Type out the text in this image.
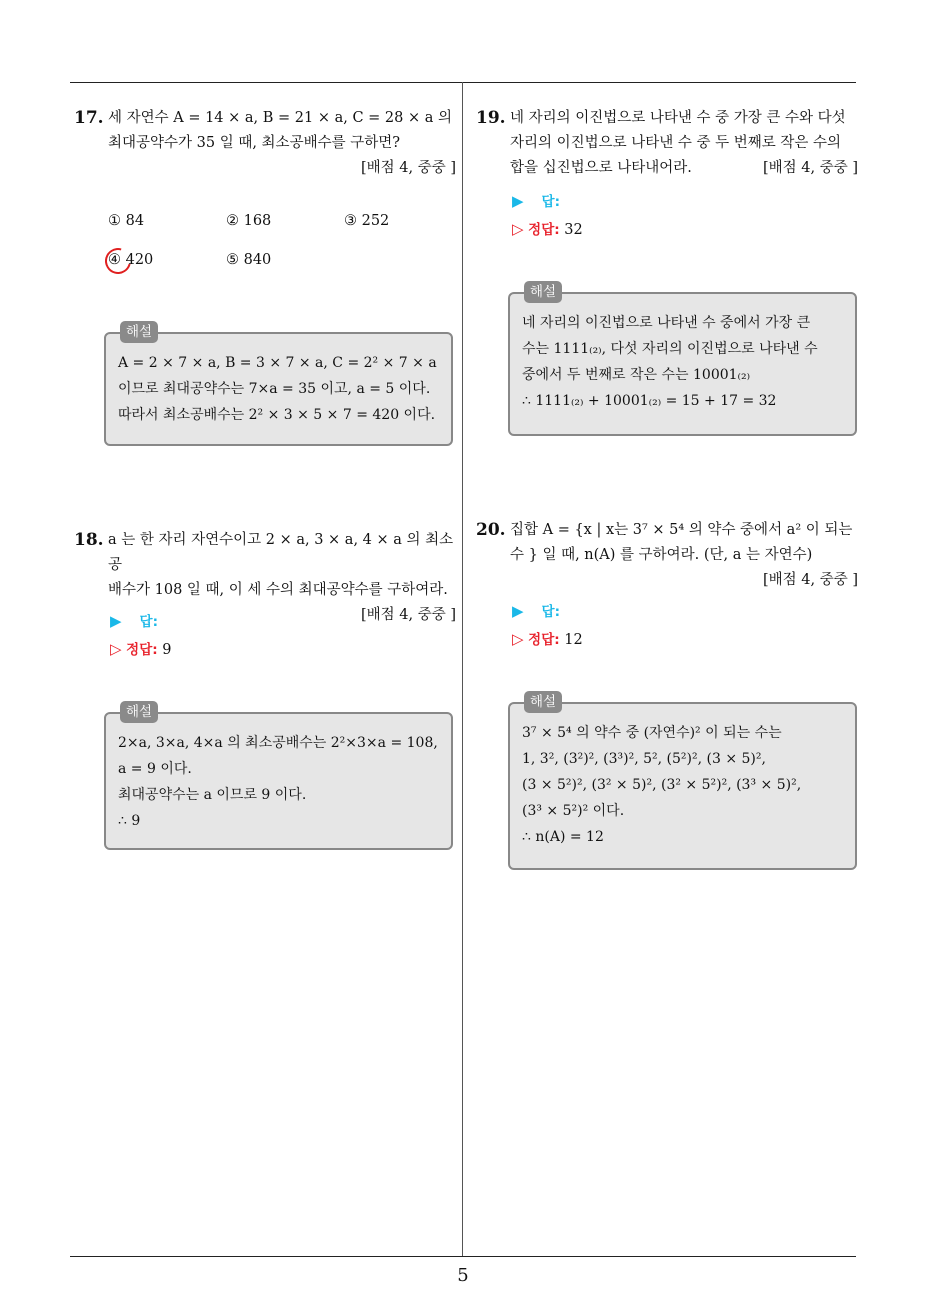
5
17. 세 자연수 A = 14 × a, B = 21 × a, C = 28 × a 의
최대공약수가 35 일 때, 최소공배수를 구하면?
[배점 4, 중중 ]
① 84	② 168	③ 252
④ 420	⑤ 840
해설
A = 2 × 7 × a, B = 3 × 7 × a, C = 2² × 7 × a
이므로 최대공약수는 7×a = 35 이고, a = 5 이다.
따라서 최소공배수는 2² × 3 × 5 × 7 = 420 이다.
18. a 는 한 자리 자연수이고 2 × a, 3 × a, 4 × a 의 최소공
배수가 108 일 때, 이 세 수의 최대공약수를 구하여라.
[배점 4, 중중 ]
▶ 답:
▷ 정답: 9
해설
2×a, 3×a, 4×a 의 최소공배수는 2²×3×a = 108,
a = 9 이다.
최대공약수는 a 이므로 9 이다.
∴ 9
19. 네 자리의 이진법으로 나타낸 수 중 가장 큰 수와 다섯
자리의 이진법으로 나타낸 수 중 두 번째로 작은 수의
합을 십진법으로 나타내어라.	[배점 4, 중중 ]
▶ 답:
▷ 정답: 32
해설
네 자리의 이진법으로 나타낸 수 중에서 가장 큰
수는 1111₍₂₎, 다섯 자리의 이진법으로 나타낸 수
중에서 두 번째로 작은 수는 10001₍₂₎
∴ 1111₍₂₎ + 10001₍₂₎ = 15 + 17 = 32
20. 집합 A = {x | x는 3⁷ × 5⁴ 의 약수 중에서 a² 이 되는
수 } 일 때, n(A) 를 구하여라. (단, a 는 자연수)
[배점 4, 중중 ]
▶ 답:
▷ 정답: 12
해설
3⁷ × 5⁴ 의 약수 중 (자연수)² 이 되는 수는
1, 3², (3²)², (3³)², 5², (5²)², (3 × 5)²,
(3 × 5²)², (3² × 5)², (3² × 5²)², (3³ × 5)²,
(3³ × 5²)² 이다.
∴ n(A) = 12
